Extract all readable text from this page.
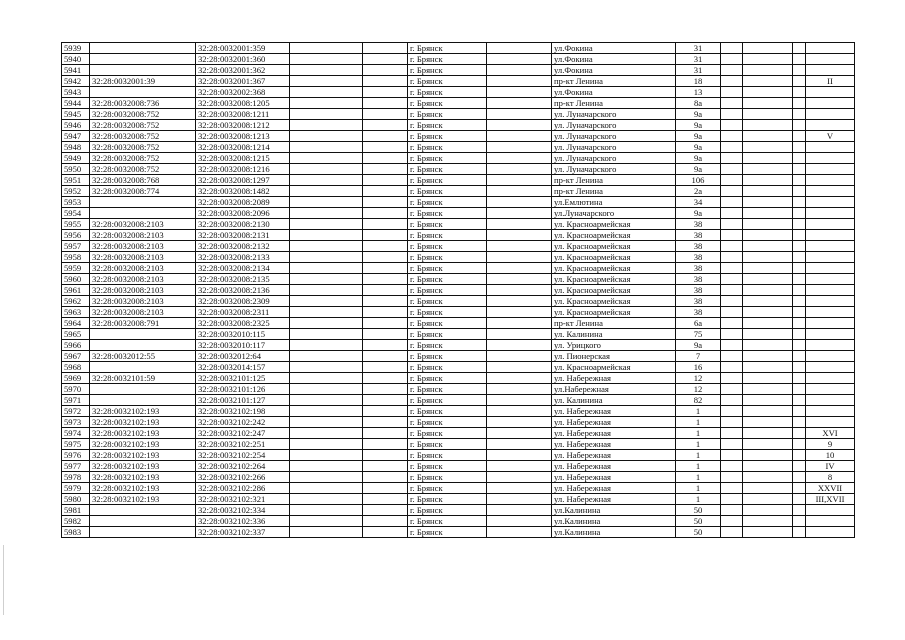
5939		32:28:0032001:359			г. Брянск		ул.Фокина	31				
5940		32:28:0032001:360			г. Брянск		ул.Фокина	31				
5941		32:28:0032001:362			г. Брянск		ул.Фокина	31				
5942	32:28:0032001:39	32:28:0032001:367			г. Брянск		пр-кт Ленина	18				II
5943		32:28:0032002:368			г. Брянск		ул.Фокина	13				
5944	32:28:0032008:736	32:28:0032008:1205			г. Брянск		пр-кт Ленина	8а				
5945	32:28:0032008:752	32:28:0032008:1211			г. Брянск		ул. Луначарского	9а				
5946	32:28:0032008:752	32:28:0032008:1212			г. Брянск		ул. Луначарского	9а				
5947	32:28:0032008:752	32:28:0032008:1213			г. Брянск		ул. Луначарского	9а				V
5948	32:28:0032008:752	32:28:0032008:1214			г. Брянск		ул. Луначарского	9а				
5949	32:28:0032008:752	32:28:0032008:1215			г. Брянск		ул. Луначарского	9а				
5950	32:28:0032008:752	32:28:0032008:1216			г. Брянск		ул. Луначарского	9а				
5951	32:28:0032008:768	32:28:0032008:1297			г. Брянск		пр-кт Ленина	106				
5952	32:28:0032008:774	32:28:0032008:1482			г. Брянск		пр-кт Ленина	2а				
5953		32:28:0032008:2089			г. Брянск		ул.Емлютина	34				
5954		32:28:0032008:2096			г. Брянск		ул.Луначарского	9а				
5955	32:28:0032008:2103	32:28:0032008:2130			г. Брянск		ул. Красноармейская	38				
5956	32:28:0032008:2103	32:28:0032008:2131			г. Брянск		ул. Красноармейская	38				
5957	32:28:0032008:2103	32:28:0032008:2132			г. Брянск		ул. Красноармейская	38				
5958	32:28:0032008:2103	32:28:0032008:2133			г. Брянск		ул. Красноармейская	38				
5959	32:28:0032008:2103	32:28:0032008:2134			г. Брянск		ул. Красноармейская	38				
5960	32:28:0032008:2103	32:28:0032008:2135			г. Брянск		ул. Красноармейская	38				
5961	32:28:0032008:2103	32:28:0032008:2136			г. Брянск		ул. Красноармейская	38				
5962	32:28:0032008:2103	32:28:0032008:2309			г. Брянск		ул. Красноармейская	38				
5963	32:28:0032008:2103	32:28:0032008:2311			г. Брянск		ул. Красноармейская	38				
5964	32:28:0032008:791	32:28:0032008:2325			г. Брянск		пр-кт Ленина	6а				
5965		32:28:0032010:115			г. Брянск		ул. Калинина	75				
5966		32:28:0032010:117			г. Брянск		ул. Урицкого	9а				
5967	32:28:0032012:55	32:28:0032012:64			г. Брянск		ул. Пионерская	7				
5968		32:28:0032014:157			г. Брянск		ул. Красноармейская	16				
5969	32:28:0032101:59	32:28:0032101:125			г. Брянск		ул. Набережная	12				
5970		32:28:0032101:126			г. Брянск		ул.Набережная	12				
5971		32:28:0032101:127			г. Брянск		ул. Калинина	82				
5972	32:28:0032102:193	32:28:0032102:198			г. Брянск		ул. Набережная	1				
5973	32:28:0032102:193	32:28:0032102:242			г. Брянск		ул. Набережная	1				
5974	32:28:0032102:193	32:28:0032102:247			г. Брянск		ул. Набережная	1				XVI
5975	32:28:0032102:193	32:28:0032102:251			г. Брянск		ул. Набережная	1				9
5976	32:28:0032102:193	32:28:0032102:254			г. Брянск		ул. Набережная	1				10
5977	32:28:0032102:193	32:28:0032102:264			г. Брянск		ул. Набережная	1				IV
5978	32:28:0032102:193	32:28:0032102:266			г. Брянск		ул. Набережная	1				8
5979	32:28:0032102:193	32:28:0032102:286			г. Брянск		ул. Набережная	1				XXVII
5980	32:28:0032102:193	32:28:0032102:321			г. Брянск		ул. Набережная	1				III,XVII
5981		32:28:0032102:334			г. Брянск		ул.Калинина	50				
5982		32:28:0032102:336			г. Брянск		ул.Калинина	50				
5983		32:28:0032102:337			г. Брянск		ул.Калинина	50				
